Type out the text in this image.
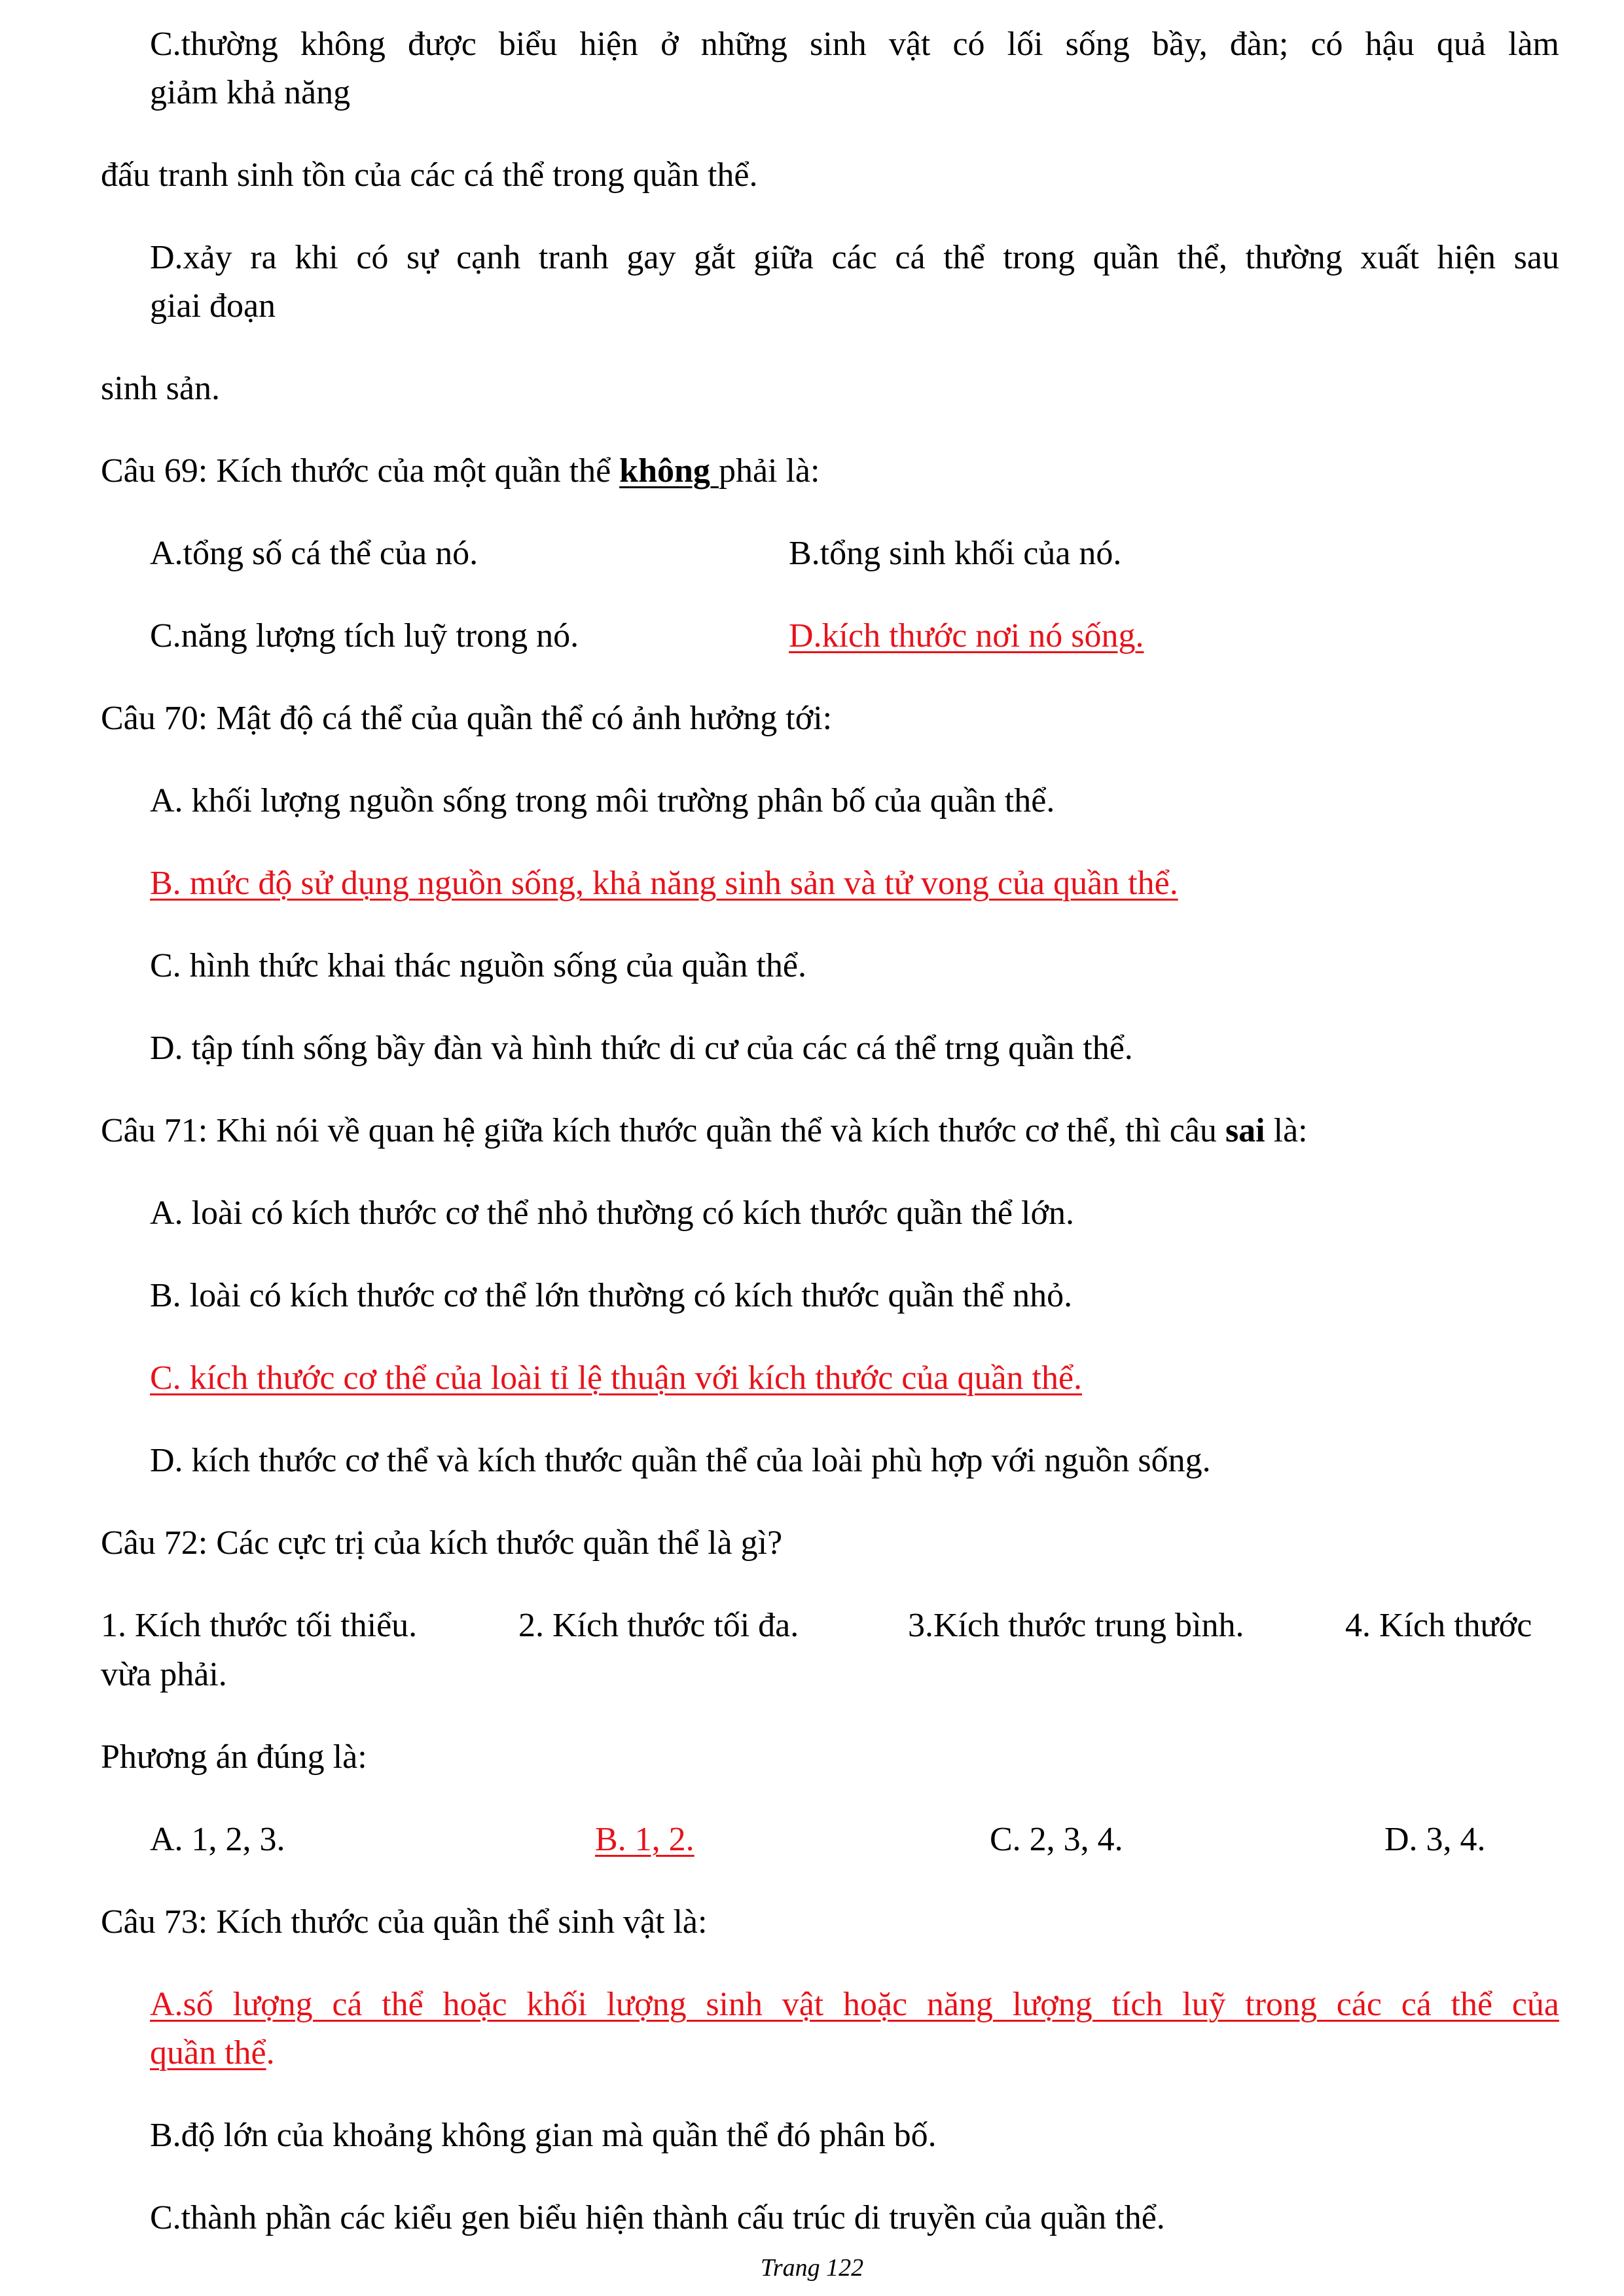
C.thường không được biểu hiện ở những sinh vật có lối sống bầy, đàn; có hậu quả làm

giảm khả năng

đấu tranh sinh tồn của các cá thể trong quần thể.

D.xảy ra khi có sự cạnh tranh gay gắt giữa các cá thể trong quần thể, thường xuất hiện sau

giai đoạn

sinh sản.

Câu 69: Kích thước của một quần thể không phải là:

A.tổng số cá thể của nó.	B.tổng sinh khối của nó.

C.năng lượng tích luỹ trong nó.	D.kích thước nơi nó sống.

Câu 70: Mật độ cá thể của quần thể có ảnh hưởng tới:

A. khối lượng nguồn sống trong môi trường phân bố của quần thể.

B. mức độ sử dụng nguồn sống, khả năng sinh sản và tử vong của quần thể.

C. hình thức khai thác nguồn sống của quần thể.

D. tập tính sống bầy đàn và hình thức di cư của các cá thể trng quần thể.

Câu 71: Khi nói về quan hệ giữa kích thước quần thể và kích thước cơ thể, thì câu sai là:

A. loài có kích thước cơ thể nhỏ thường có kích thước quần thể lớn.

B. loài có kích thước cơ thể lớn thường có kích thước quần thể nhỏ.

C. kích thước cơ thể của loài tỉ lệ thuận với kích thước của quần thể.

D. kích thước cơ thể và kích thước quần thể của loài phù hợp với nguồn sống.

Câu 72: Các cực trị của kích thước quần thể là gì?

1. Kích thước tối thiểu.	2. Kích thước tối đa.	3.Kích thước trung bình.	4. Kích thước

vừa phải.

Phương án đúng là:

A. 1, 2, 3.	B. 1, 2.	C. 2, 3, 4.	D. 3, 4.

Câu 73: Kích thước của quần thể sinh vật là:

A.số lượng cá thể hoặc khối lượng sinh vật hoặc năng lượng tích luỹ trong các cá thể của

quần thể.

B.độ lớn của khoảng không gian mà quần thể đó phân bố.

C.thành phần các kiểu gen biểu hiện thành cấu trúc di truyền của quần thể.

Trang 122
